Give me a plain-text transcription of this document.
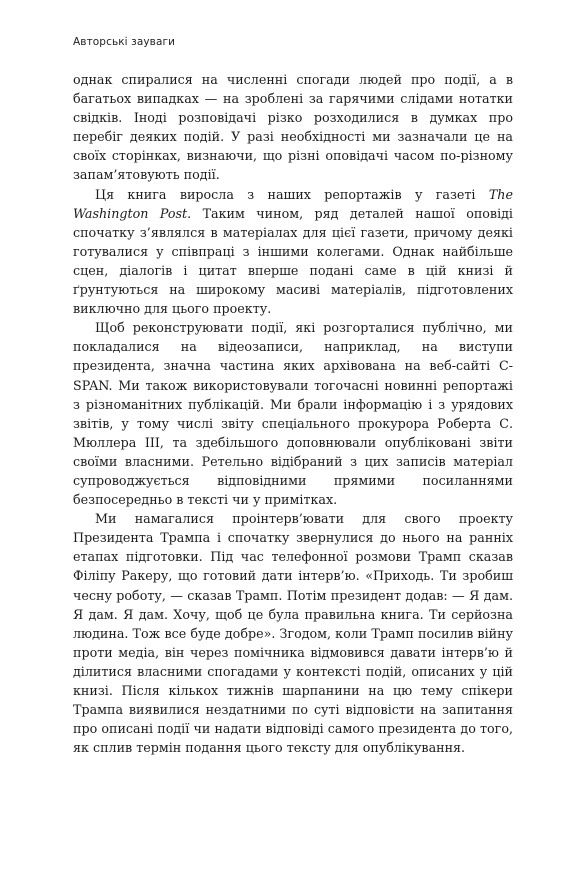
Авторські зауваги

однак спиралися на численні спогади людей про події, а в багатьох випадках — на зроблені за гарячими слідами нотатки свідків. Іноді розповідачі різко розходилися в думках про перебіг деяких подій. У разі необхідності ми зазначали це на своїх сторінках, визнаючи, що різні оповідачі часом по-різному запам’ятовують події.

Ця книга виросла з наших репортажів у газеті The Washington Post. Таким чином, ряд деталей нашої оповіді спочатку з’являлся в матеріалах для цієї газети, причому деякі готувалися у співпраці з іншими колегами. Однак найбільше сцен, діалогів і цитат вперше подані саме в цій книзі й ґрунтуються на широкому масиві матеріалів, підготовлених виключно для цього проекту.

Щоб реконструювати події, які розгорталися публічно, ми покладалися на відеозаписи, наприклад, на виступи президента, значна частина яких архівована на веб-сайті C-SPAN. Ми також використовували тогочасні новинні репортажі з різноманітних публікацій. Ми брали інформацію і з урядових звітів, у тому числі звіту спеціального прокурора Роберта С. Мюллера III, та здебільшого доповнювали опубліковані звіти своїми власними. Ретельно відібраний з цих записів матеріал супроводжується відповідними прямими посиланнями безпосередньо в тексті чи у примітках.

Ми намагалися проінтерв’ювати для свого проекту Президента Трампа і спочатку звернулися до нього на ранніх етапах підготовки. Під час телефонної розмови Трамп сказав Філіпу Ракеру, що готовий дати інтерв’ю. «Приходь. Ти зробиш чесну роботу, — сказав Трамп. Потім президент додав: — Я дам. Я дам. Я дам. Хочу, щоб це була правильна книга. Ти серйозна людина. Тож все буде добре». Згодом, коли Трамп посилив війну проти медіа, він через помічника відмовився давати інтерв’ю й ділитися власними спогадами у контексті подій, описаних у цій книзі. Після кількох тижнів шарпанини на цю тему спікери Трампа виявилися нездатними по суті відповісти на запитання про описані події чи надати відповіді самого президента до того, як сплив термін подання цього тексту для опублікування.
